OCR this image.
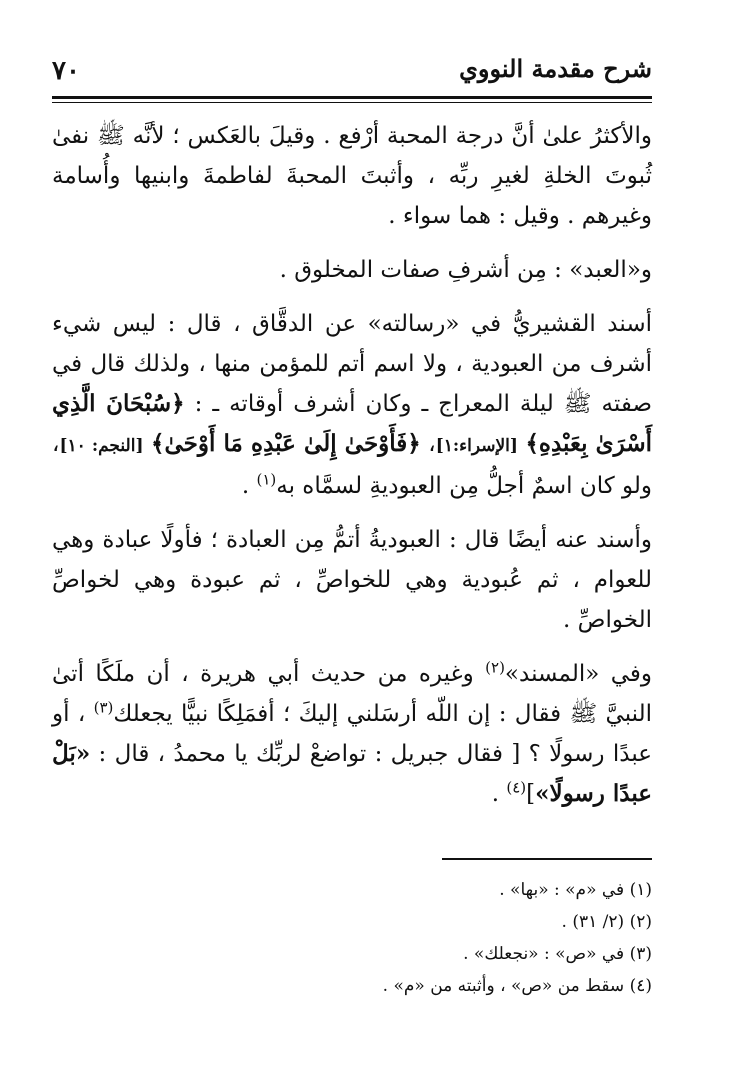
شرح مقدمة النووي
٧٠

والأكثرُ علىٰ أنَّ درجة المحبة أرْفع . وقيلَ بالعَكس ؛ لأنَّه ﷺ نفىٰ ثُبوتَ الخلةِ لغيرِ ربِّه ، وأثبتَ المحبةَ لفاطمةَ وابنيها وأُسامة وغيرهم . وقيل : هما سواء .

و«العبد» : مِن أشرفِ صفات المخلوق .

أسند القشيريُّ في «رسالته» عن الدقَّاق ، قال : ليس شيء أشرف من العبودية ، ولا اسم أتم للمؤمن منها ، ولذلك قال في صفته ﷺ ليلة المعراج ـ وكان أشرف أوقاته ـ : ﴿سُبْحَانَ الَّذِي أَسْرَىٰ بِعَبْدِهِ﴾ [الإسراء:١]، ﴿فَأَوْحَىٰ إِلَىٰ عَبْدِهِ مَا أَوْحَىٰ﴾ [النجم: ١٠]، ولو كان اسمٌ أجلُّ مِن العبوديةِ لسمَّاه به$^{(١)}$ .

وأسند عنه أيضًا قال : العبوديةُ أتمُّ مِن العبادة ؛ فأولًا عبادة وهي للعوام ، ثم عُبودية وهي للخواصِّ ، ثم عبودة وهي لخواصِّ الخواصِّ .

وفي «المسند»$^{(٢)}$ وغيره من حديث أبي هريرة ، أن ملَكًا أتىٰ النبيَّ ﷺ فقال : إن اللّه أرسَلني إليكَ ؛ أفمَلِكًا نبيًّا يجعلك$^{(٣)}$ ، أو عبدًا رسولًا ؟ [ فقال جبريل : تواضعْ لربِّك يا محمدُ ، قال : «بَلْ عبدًا رسولًا»]$^{(٤)}$ .

(١) في «م» : «بها» .
(٢) (٢/ ٣١) .
(٣) في «ص» : «نجعلك» .
(٤) سقط من «ص» ، وأثبته من «م» .
